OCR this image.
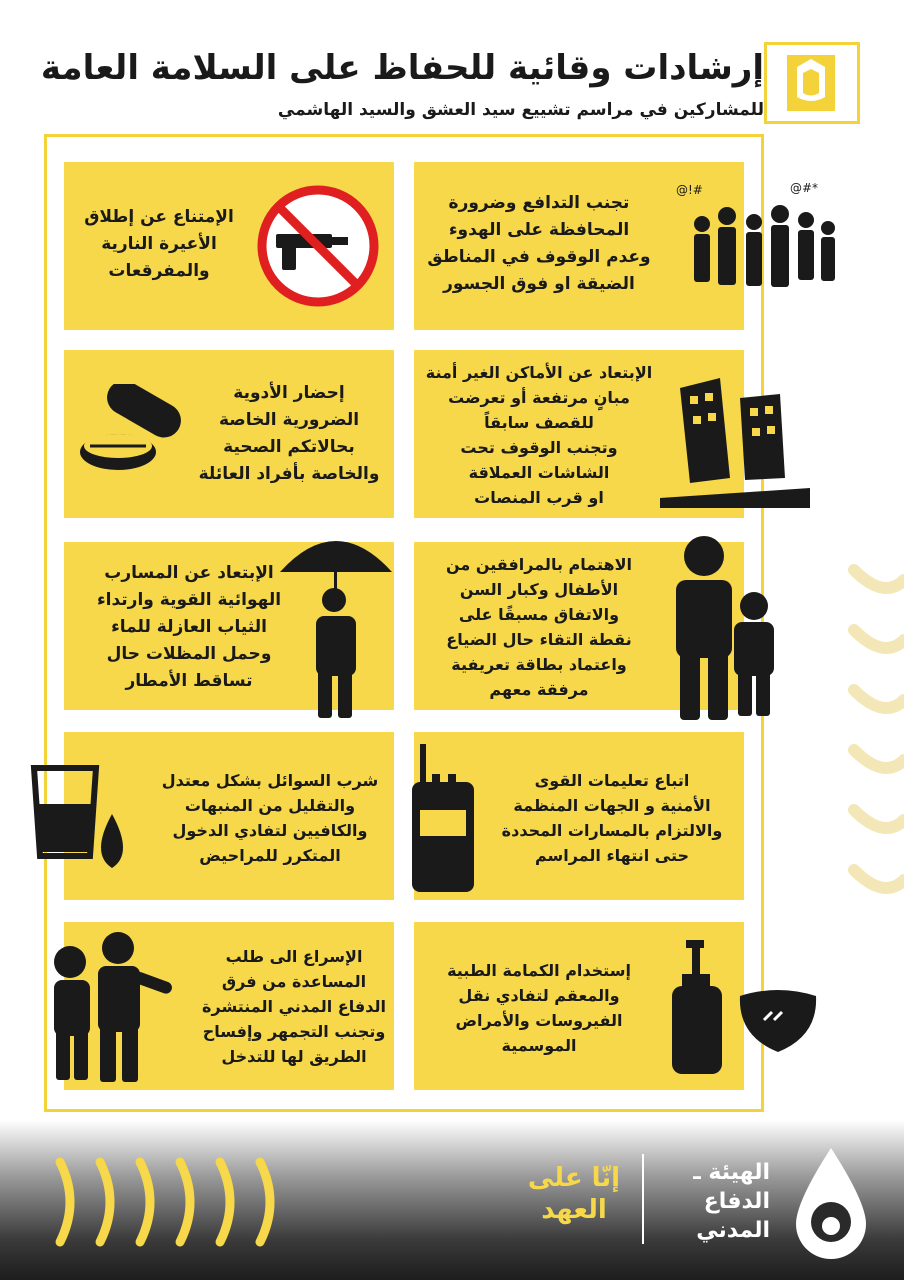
إرشادات وقائية للحفاظ على السلامة العامة
للمشاركين في مراسم تشييع سيد العشق والسيد الهاشمي
تجنب التدافع وضرورة
المحافظة على الهدوء
وعدم الوقوف في المناطق
الضيقة او فوق الجسور
@!#	@#*
الإمتناع عن إطلاق
الأعيرة النارية
والمفرقعات
الإبتعاد عن الأماكن الغير أمنة
مبانٍ مرتفعة أو تعرضت
للقصف سابقاً
وتجنب الوقوف تحت
الشاشات العملاقة
او قرب المنصات
إحضار الأدوية
الضرورية الخاصة
بحالاتكم الصحية
والخاصة بأفراد العائلة
الاهتمام بالمرافقين من
الأطفال وكبار السن
والاتفاق مسبقًا على
نقطة التقاء حال الضياع
واعتماد بطاقة تعريفية
مرفقة معهم
الإبتعاد عن المسارب
الهوائية القوية وارتداء
الثياب العازلة للماء
وحمل المظلات حال
تساقط الأمطار
اتباع تعليمات القوى
الأمنية و الجهات المنظمة
والالتزام بالمسارات المحددة
حتى انتهاء المراسم
شرب السوائل بشكل معتدل
والتقليل من المنبهات
والكافيين لتفادي الدخول
المتكرر للمراحيض
إستخدام الكمامة الطبية
والمعقم لتفادي نقل
الفيروسات والأمراض
الموسمية
الإسراع الى طلب
المساعدة من فرق
الدفاع المدني المنتشرة
وتجنب التجمهر وإفساح
الطريق لها للتدخل
الهيئة ـ
الدفاع
المدني
إنّا على
العهد
